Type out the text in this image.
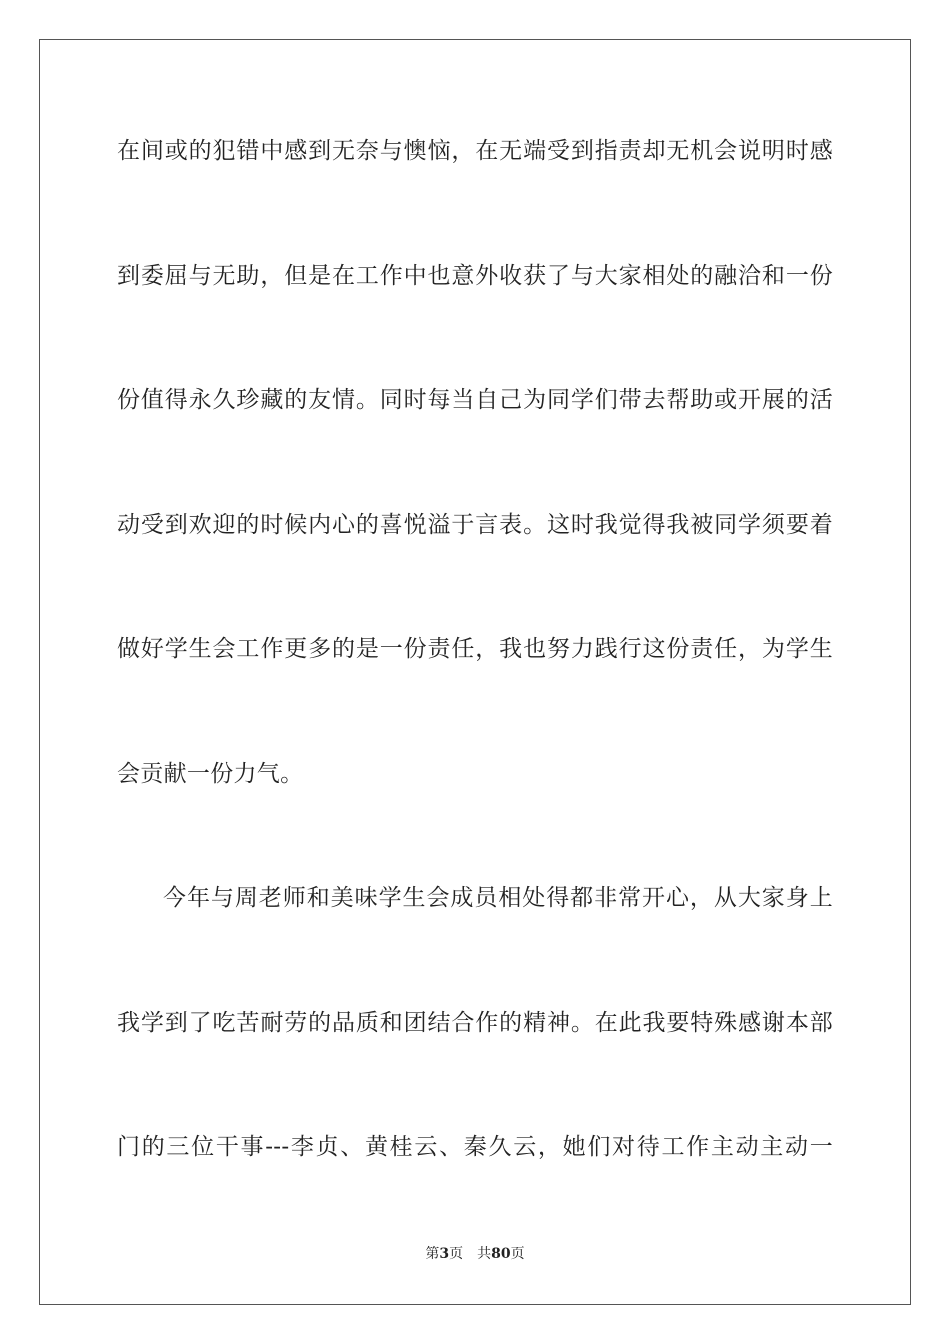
在间或的犯错中感到无奈与懊恼，在无端受到指责却无机会说明时感
到委屈与无助，但是在工作中也意外收获了与大家相处的融洽和一份
份值得永久珍藏的友情。同时每当自己为同学们带去帮助或开展的活
动受到欢迎的时候内心的喜悦溢于言表。这时我觉得我被同学须要着
做好学生会工作更多的是一份责任，我也努力践行这份责任，为学生
会贡献一份力气。
今年与周老师和美味学生会成员相处得都非常开心，从大家身上
我学到了吃苦耐劳的品质和团结合作的精神。在此我要特殊感谢本部
门的三位干事---李贞、黄桂云、秦久云，她们对待工作主动主动一
第3页 共80页
